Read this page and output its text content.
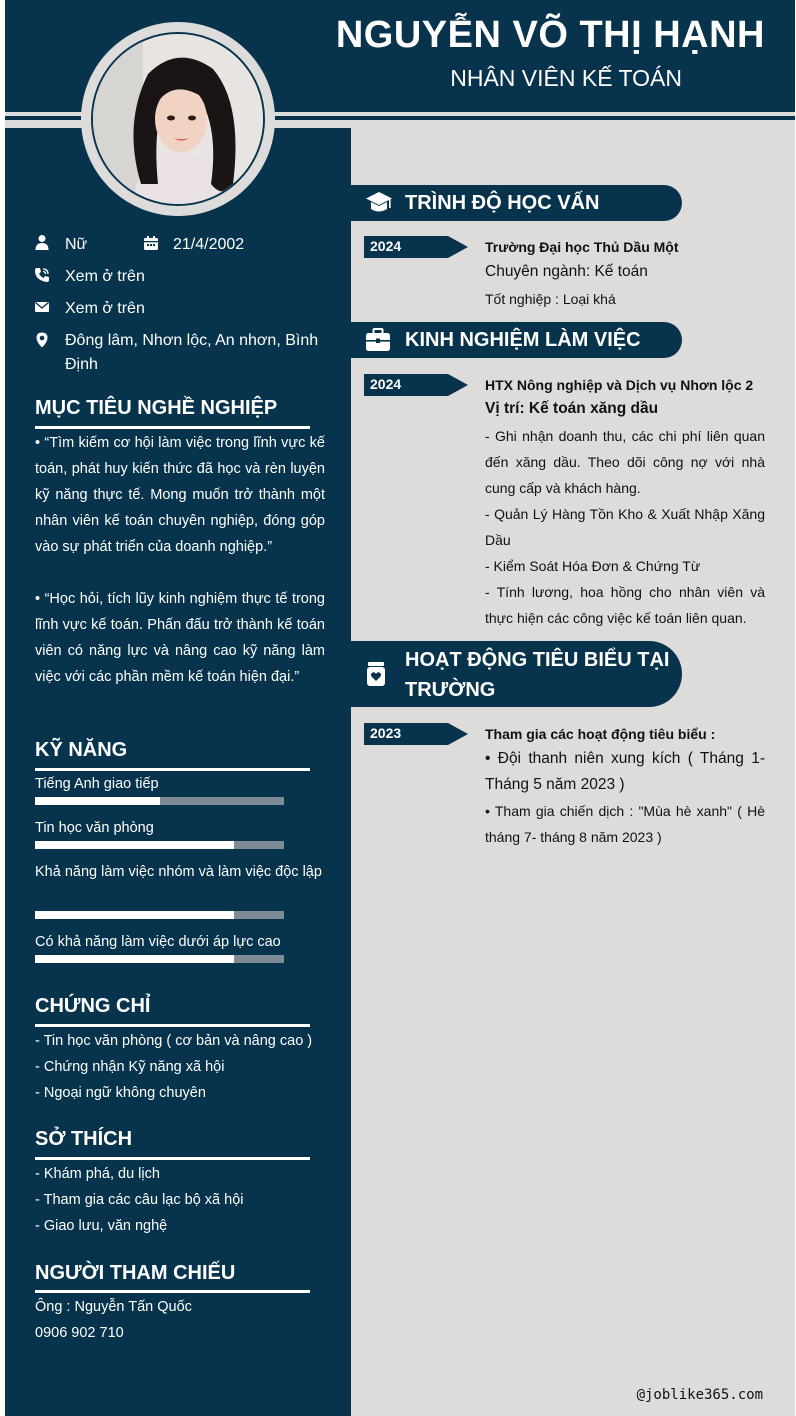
NGUYỄN VÕ THỊ HẠNH
NHÂN VIÊN KẾ TOÁN
Nữ	21/4/2002
Xem ở trên
Xem ở trên
Đông lâm, Nhơn lộc, An nhơn, Bình Định
MỤC TIÊU NGHỀ NGHIỆP
• “Tìm kiếm cơ hội làm việc trong lĩnh vực kế toán, phát huy kiến thức đã học và rèn luyện kỹ năng thực tế. Mong muốn trở thành một nhân viên kế toán chuyên nghiệp, đóng góp vào sự phát triển của doanh nghiệp.”
• “Học hỏi, tích lũy kinh nghiệm thực tế trong lĩnh vực kế toán. Phấn đấu trở thành kế toán viên có năng lực và nâng cao kỹ năng làm việc với các phần mềm kế toán hiện đại.”
KỸ NĂNG
Tiếng Anh giao tiếp
Tin học văn phòng
Khả năng làm việc nhóm và làm việc độc lập
Có khả năng làm việc dưới áp lực cao
CHỨNG CHỈ
- Tin học văn phòng ( cơ bản và nâng cao )
- Chứng nhận Kỹ năng xã hội
- Ngoại ngữ không chuyên
SỞ THÍCH
- Khám phá, du lịch
- Tham gia các câu lạc bộ xã hội
- Giao lưu, văn nghệ
NGƯỜI THAM CHIẾU
Ông : Nguyễn Tấn Quốc
0906 902 710
TRÌNH ĐỘ HỌC VẤN
2024	Trường Đại học Thủ Dầu Một
Chuyên ngành: Kế toán
Tốt nghiệp : Loại khá
KINH NGHIỆM LÀM VIỆC
2024	HTX Nông nghiệp và Dịch vụ Nhơn lộc 2
Vị trí: Kế toán xăng dầu
- Ghi nhận doanh thu, các chi phí liên quan đến xăng dầu. Theo dõi công nợ với nhà cung cấp và khách hàng.
- Quản Lý Hàng Tồn Kho & Xuất Nhập Xăng Dầu
- Kiểm Soát Hóa Đơn & Chứng Từ
- Tính lương, hoa hồng cho nhân viên và thực hiện các công việc kế toán liên quan.
HOẠT ĐỘNG TIÊU BIỂU TẠI TRƯỜNG
2023	Tham gia các hoạt động tiêu biểu :
• Đội thanh niên xung kích ( Tháng 1- Tháng 5 năm 2023 )
• Tham gia chiến dịch : "Mùa hè xanh" ( Hè tháng 7- tháng 8 năm 2023 )
@joblike365.com
